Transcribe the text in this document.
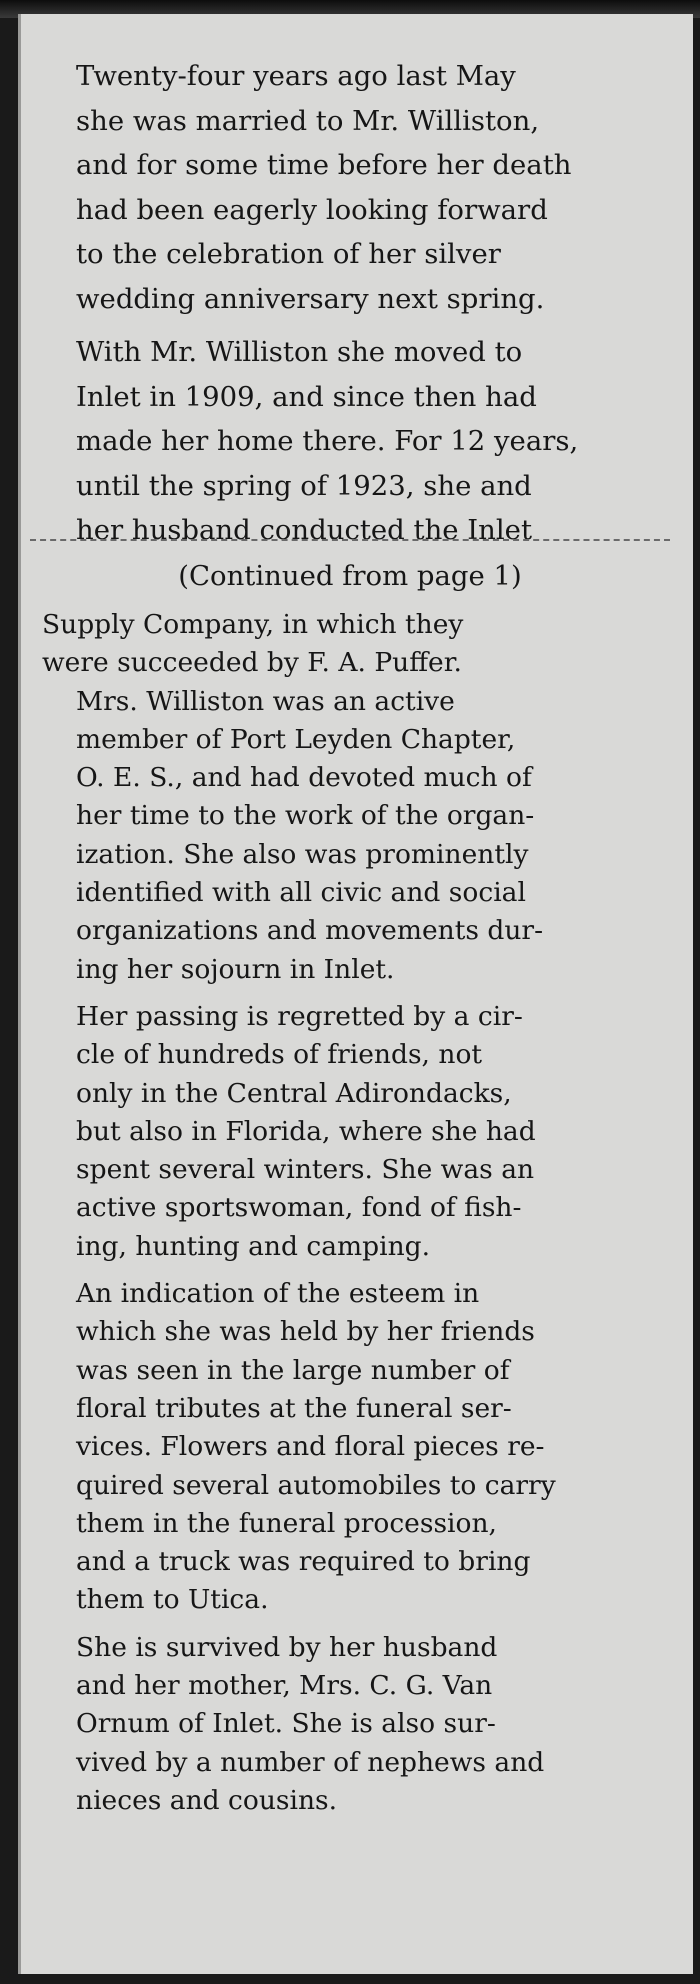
Twenty-four years ago last May
she was married to Mr. Williston,
and for some time before her death
had been eagerly looking forward
to the celebration of her silver
wedding anniversary next spring.

With Mr. Williston she moved to
Inlet in 1909, and since then had
made her home there. For 12 years,
until the spring of 1923, she and
her husband conducted the Inlet

(Continued from page 1)

Supply Company, in which they
were succeeded by F. A. Puffer.

Mrs. Williston was an active
member of Port Leyden Chapter,
O. E. S., and had devoted much of
her time to the work of the organ-
ization. She also was prominently
identified with all civic and social
organizations and movements dur-
ing her sojourn in Inlet.

Her passing is regretted by a cir-
cle of hundreds of friends, not
only in the Central Adirondacks,
but also in Florida, where she had
spent several winters. She was an
active sportswoman, fond of fish-
ing, hunting and camping.

An indication of the esteem in
which she was held by her friends
was seen in the large number of
floral tributes at the funeral ser-
vices. Flowers and floral pieces re-
quired several automobiles to carry
them in the funeral procession,
and a truck was required to bring
them to Utica.

She is survived by her husband
and her mother, Mrs. C. G. Van
Ornum of Inlet. She is also sur-
vived by a number of nephews and
nieces and cousins.
